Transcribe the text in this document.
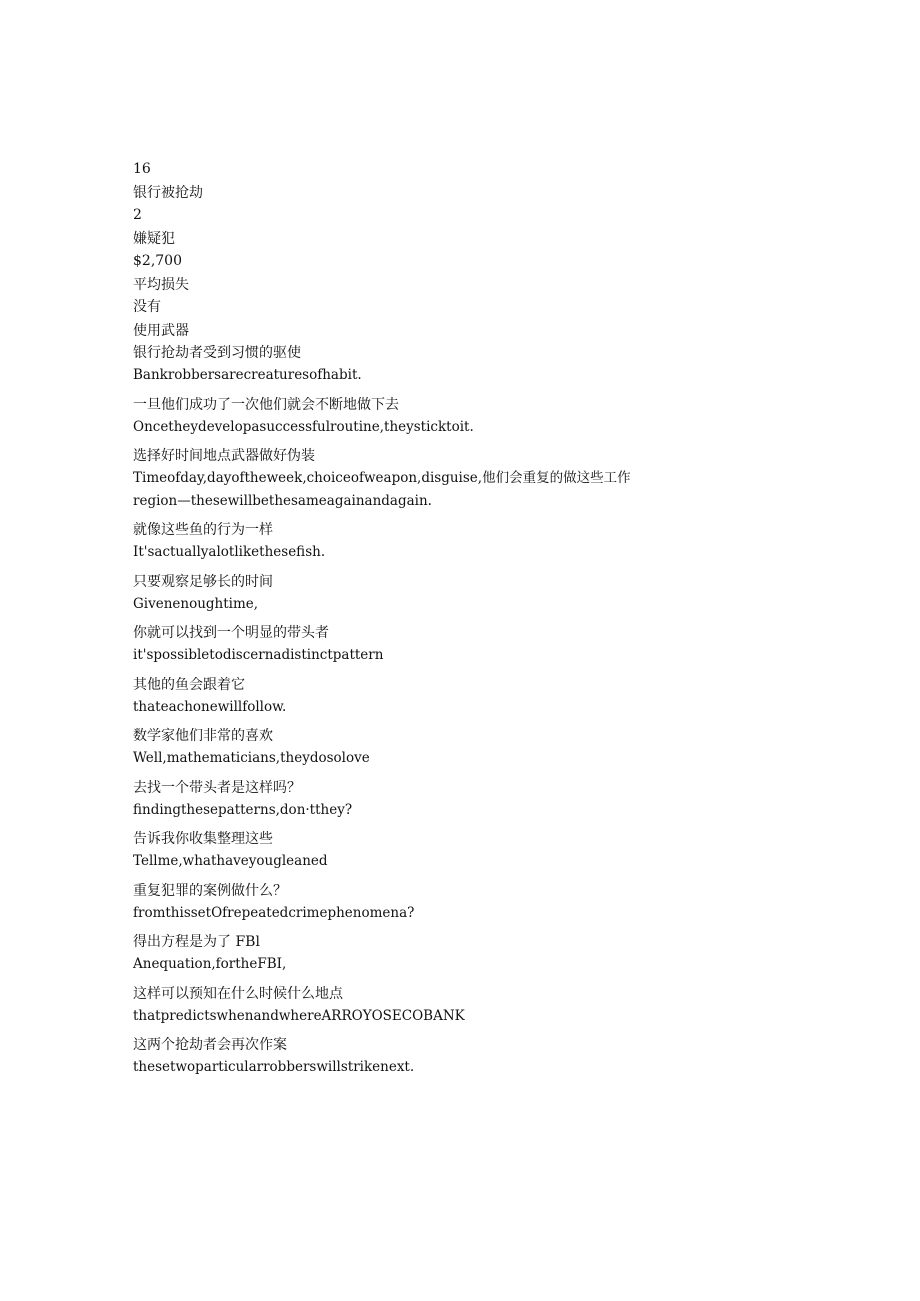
16
银行被抢劫
2
嫌疑犯
$2,700
平均损失
没有
使用武器
银行抢劫者受到习惯的驱使
Bankrobbersarecreaturesofhabit.
一旦他们成功了一次他们就会不断地做下去
Oncetheydevelopasuccessfulroutine,theysticktoit.
选择好时间地点武器做好伪装
Timeofday,dayoftheweek,choiceofweapon,disguise,他们会重复的做这些工作
region—thesewillbethesameagainandagain.
就像这些鱼的行为一样
It'sactuallyalotlikethesefish.
只要观察足够长的时间
Givenenoughtime,
你就可以找到一个明显的带头者
it'spossibletodiscernadistinctpattern
其他的鱼会跟着它
thateachonewillfollow.
数学家他们非常的喜欢
Well,mathematicians,theydosolove
去找一个带头者是这样吗？
findingthesepatterns,don·tthey?
告诉我你收集整理这些
Tellme,whathaveyougleaned
重复犯罪的案例做什么？
fromthissetOfrepeatedcrimephenomena?
得出方程是为了 FBl
Anequation,fortheFBI,
这样可以预知在什么时候什么地点
thatpredictswhenandwhereARROYOSECOBANK
这两个抢劫者会再次作案
thesetwoparticularrobberswillstrikenext.
